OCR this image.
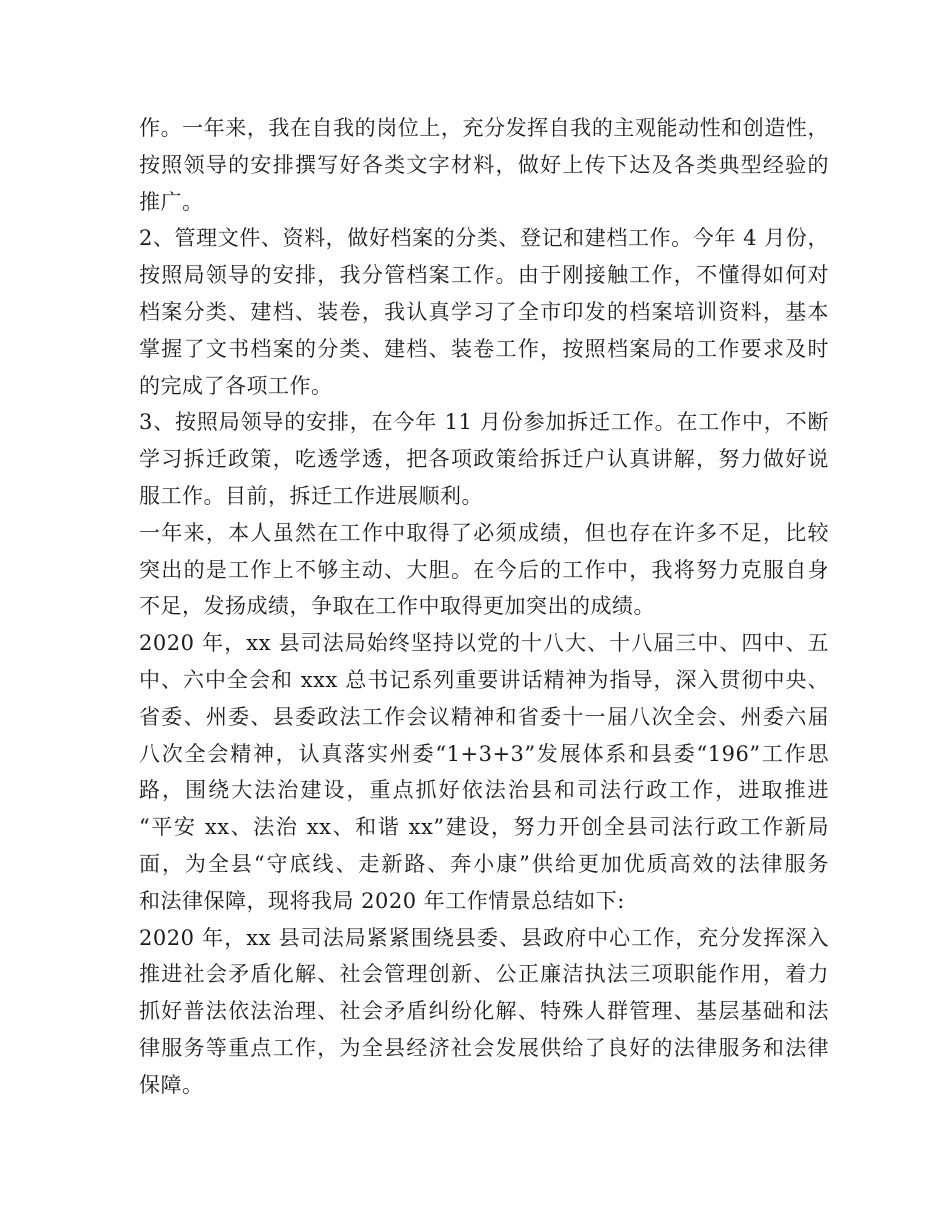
作。一年来，我在自我的岗位上，充分发挥自我的主观能动性和创造性，
按照领导的安排撰写好各类文字材料，做好上传下达及各类典型经验的
推广。
2、管理文件、资料，做好档案的分类、登记和建档工作。今年 4 月份，
按照局领导的安排，我分管档案工作。由于刚接触工作，不懂得如何对
档案分类、建档、装卷，我认真学习了全市印发的档案培训资料，基本
掌握了文书档案的分类、建档、装卷工作，按照档案局的工作要求及时
的完成了各项工作。
3、按照局领导的安排，在今年 11 月份参加拆迁工作。在工作中，不断
学习拆迁政策，吃透学透，把各项政策给拆迁户认真讲解，努力做好说
服工作。目前，拆迁工作进展顺利。
一年来，本人虽然在工作中取得了必须成绩，但也存在许多不足，比较
突出的是工作上不够主动、大胆。在今后的工作中，我将努力克服自身
不足，发扬成绩，争取在工作中取得更加突出的成绩。
2020 年，xx 县司法局始终坚持以党的十八大、十八届三中、四中、五
中、六中全会和 xxx 总书记系列重要讲话精神为指导，深入贯彻中央、
省委、州委、县委政法工作会议精神和省委十一届八次全会、州委六届
八次全会精神，认真落实州委“1+3+3”发展体系和县委“196”工作思
路，围绕大法治建设，重点抓好依法治县和司法行政工作，进取推进
“平安 xx、法治 xx、和谐 xx”建设，努力开创全县司法行政工作新局
面，为全县“守底线、走新路、奔小康”供给更加优质高效的法律服务
和法律保障，现将我局 2020 年工作情景总结如下:
2020 年，xx 县司法局紧紧围绕县委、县政府中心工作，充分发挥深入
推进社会矛盾化解、社会管理创新、公正廉洁执法三项职能作用，着力
抓好普法依法治理、社会矛盾纠纷化解、特殊人群管理、基层基础和法
律服务等重点工作，为全县经济社会发展供给了良好的法律服务和法律
保障。
